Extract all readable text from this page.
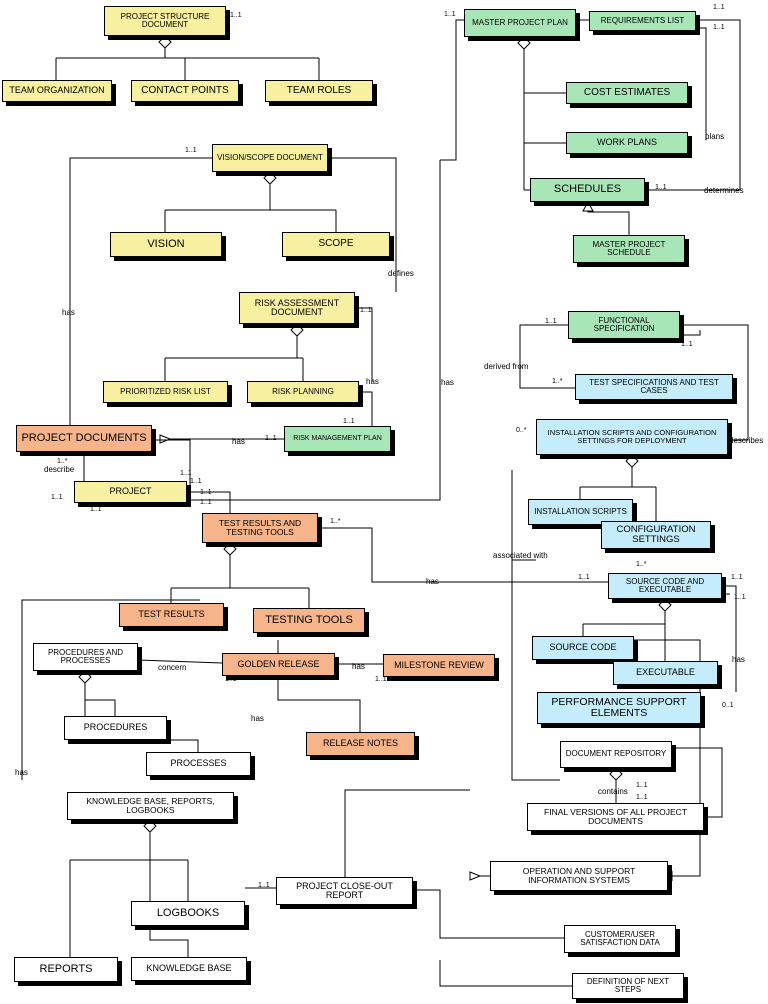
PROJECT STRUCTURE DOCUMENT
TEAM ORGANIZATION	CONTACT POINTS	TEAM ROLES
MASTER PROJECT PLAN	REQUIREMENTS LIST
COST ESTIMATES
WORK PLANS
SCHEDULES
MASTER PROJECT SCHEDULE
VISION/SCOPE DOCUMENT
VISION	SCOPE
RISK ASSESSMENT DOCUMENT
PRIORITIZED RISK LIST	RISK PLANNING
RISK MANAGEMENT PLAN
PROJECT DOCUMENTS
PROJECT
FUNCTIONAL SPECIFICATION
TEST SPECIFICATIONS AND TEST CASES
INSTALLATION SCRIPTS AND CONFIGURATION SETTINGS FOR DEPLOYMENT
INSTALLATION SCRIPTS
CONFIGURATION SETTINGS
SOURCE CODE AND EXECUTABLE
SOURCE CODE
EXECUTABLE
PERFORMANCE SUPPORT ELEMENTS
TEST RESULTS AND TESTING TOOLS
TEST RESULTS	TESTING TOOLS
PROCEDURES AND PROCESSES	GOLDEN RELEASE	MILESTONE REVIEW
PROCEDURES
PROCESSES
RELEASE NOTES
DOCUMENT REPOSITORY
FINAL VERSIONS OF ALL PROJECT DOCUMENTS
KNOWLEDGE BASE, REPORTS, LOGBOOKS
PROJECT CLOSE-OUT REPORT
LOGBOOKS
REPORTS	KNOWLEDGE BASE
OPERATION AND SUPPORT INFORMATION SYSTEMS
CUSTOMER/USER SATISFACTION DATA
DEFINITION OF NEXT STEPS
defines
has
has	has
has
describe
plans
determines
derived from
describes
associated with
has
has
concern	has
has
contains
has
1..1	1..1
1..1
1..1
1..1
1..1
1..1
1..1
1..1
1..*
0..*
1..1
1..1
1..*
1..1
1..1
1..1
1..1
1..1
1..1
1..*
1..*
1..1	1..1
1..1
0..1
1..1	1..1
1..1
1..1
1..1
